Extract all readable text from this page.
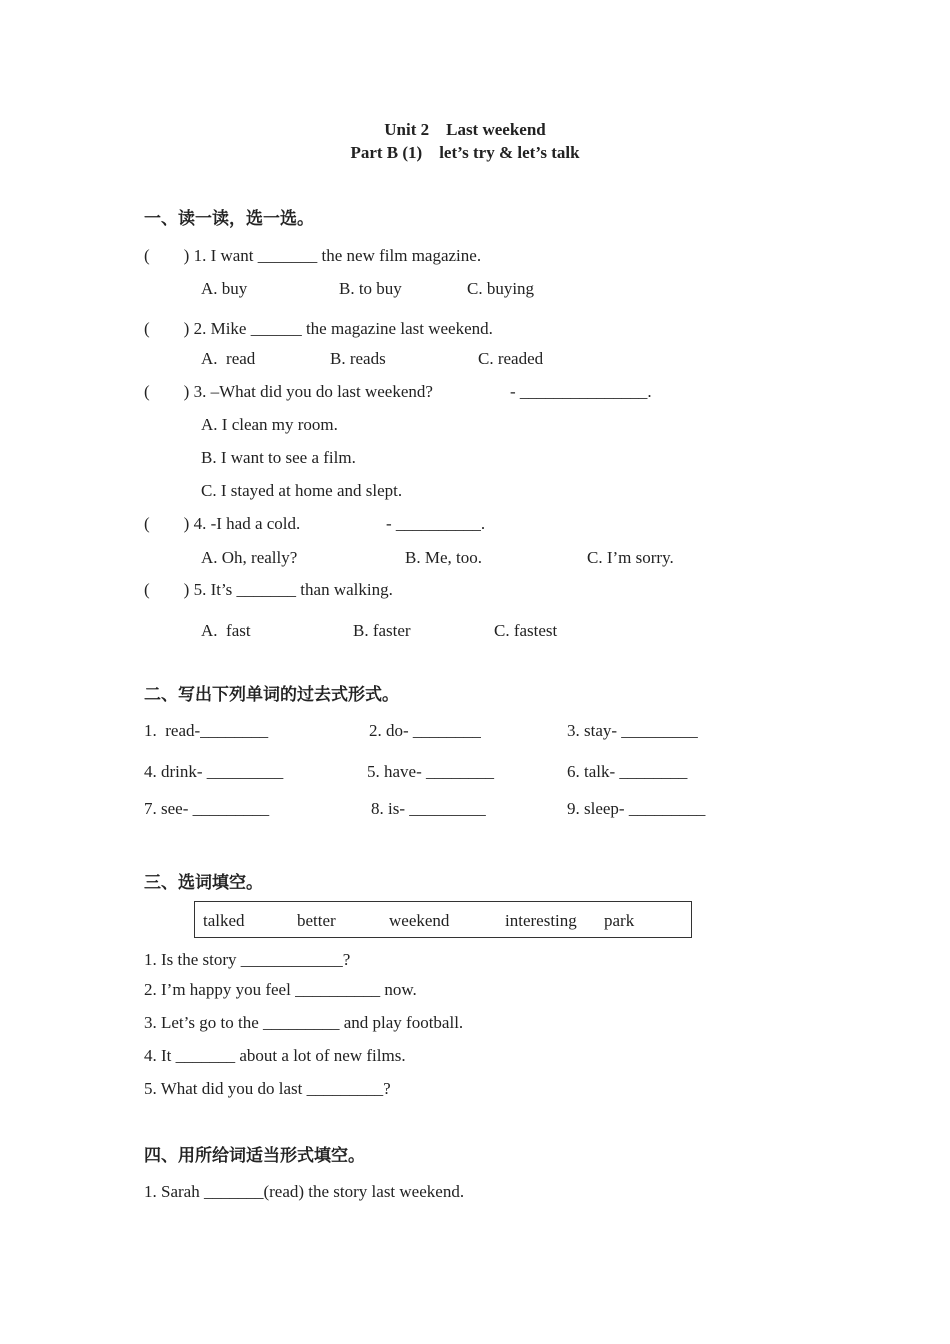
Unit 2    Last weekend
Part B (1)    let’s try & let’s talk
一、读一读，选一选。
(        ) 1. I want _______ the new film magazine.
A. buy	B. to buy	C. buying
(        ) 2. Mike ______ the magazine last weekend.
A.  read	B. reads	C. readed
(        ) 3. –What did you do last weekend?	- _______________.
A. I clean my room.
B. I want to see a film.
C. I stayed at home and slept.
(        ) 4. -I had a cold.	- __________.
A. Oh, really?	B. Me, too.	C. I’m sorry.
(        ) 5. It’s _______ than walking.
A.  fast	B. faster	C. fastest
二、写出下列单词的过去式形式。
1.  read-________	2. do- ________	3. stay- _________
4. drink- _________	5. have- ________	6. talk- ________
7. see- _________	8. is- _________	9. sleep- _________
三、选词填空。
talked	better	weekend	interesting park
1. Is the story ____________?
2. I’m happy you feel __________ now.
3. Let’s go to the _________ and play football.
4. It _______ about a lot of new films.
5. What did you do last _________?
四、用所给词适当形式填空。
1. Sarah _______(read) the story last weekend.
